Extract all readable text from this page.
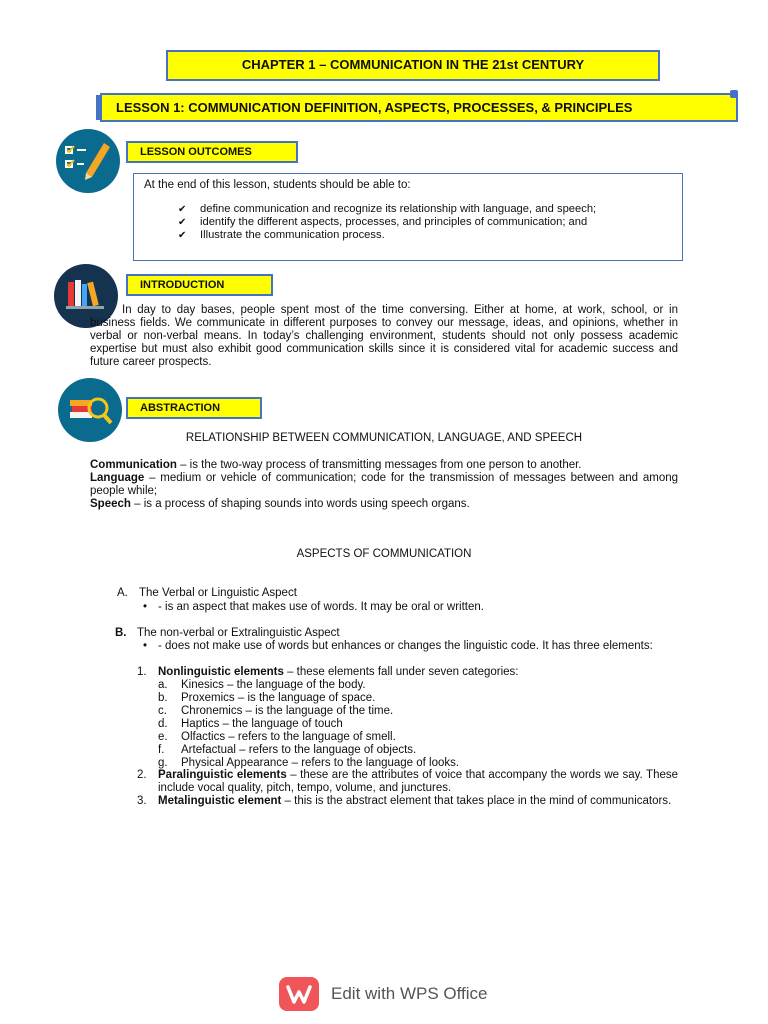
CHAPTER 1 – COMMUNICATION IN THE 21st CENTURY
LESSON 1: COMMUNICATION DEFINITION, ASPECTS, PROCESSES, & PRINCIPLES
LESSON OUTCOMES
At the end of this lesson, students should be able to:
✔ define communication and recognize its relationship with language, and speech;
✔ identify the different aspects, processes, and principles of communication; and
✔ Illustrate the communication process.
INTRODUCTION
In day to day bases, people spent most of the time conversing. Either at home, at work, school, or in business fields. We communicate in different purposes to convey our message, ideas, and opinions, whether in verbal or non-verbal means. In today’s challenging environment, students should not only possess academic expertise but must also exhibit good communication skills since it is considered vital for academic success and future career prospects.
ABSTRACTION
RELATIONSHIP BETWEEN COMMUNICATION, LANGUAGE, AND SPEECH
Communication – is the two-way process of transmitting messages from one person to another.
Language – medium or vehicle of communication; code for the transmission of messages between and among people while;
Speech – is a process of shaping sounds into words using speech organs.
ASPECTS OF COMMUNICATION
A. The Verbal or Linguistic Aspect
• - is an aspect that makes use of words. It may be oral or written.
B. The non-verbal or Extralinguistic Aspect
• - does not make use of words but enhances or changes the linguistic code. It has three elements:
1. Nonlinguistic elements – these elements fall under seven categories:
a. Kinesics – the language of the body.
b. Proxemics – is the language of space.
c. Chronemics – is the language of the time.
d. Haptics – the language of touch
e. Olfactics – refers to the language of smell.
f. Artefactual – refers to the language of objects.
g. Physical Appearance – refers to the language of looks.
2. Paralinguistic elements – these are the attributes of voice that accompany the words we say. These include vocal quality, pitch, tempo, volume, and junctures.
3. Metalinguistic element – this is the abstract element that takes place in the mind of communicators.
Edit with WPS Office
